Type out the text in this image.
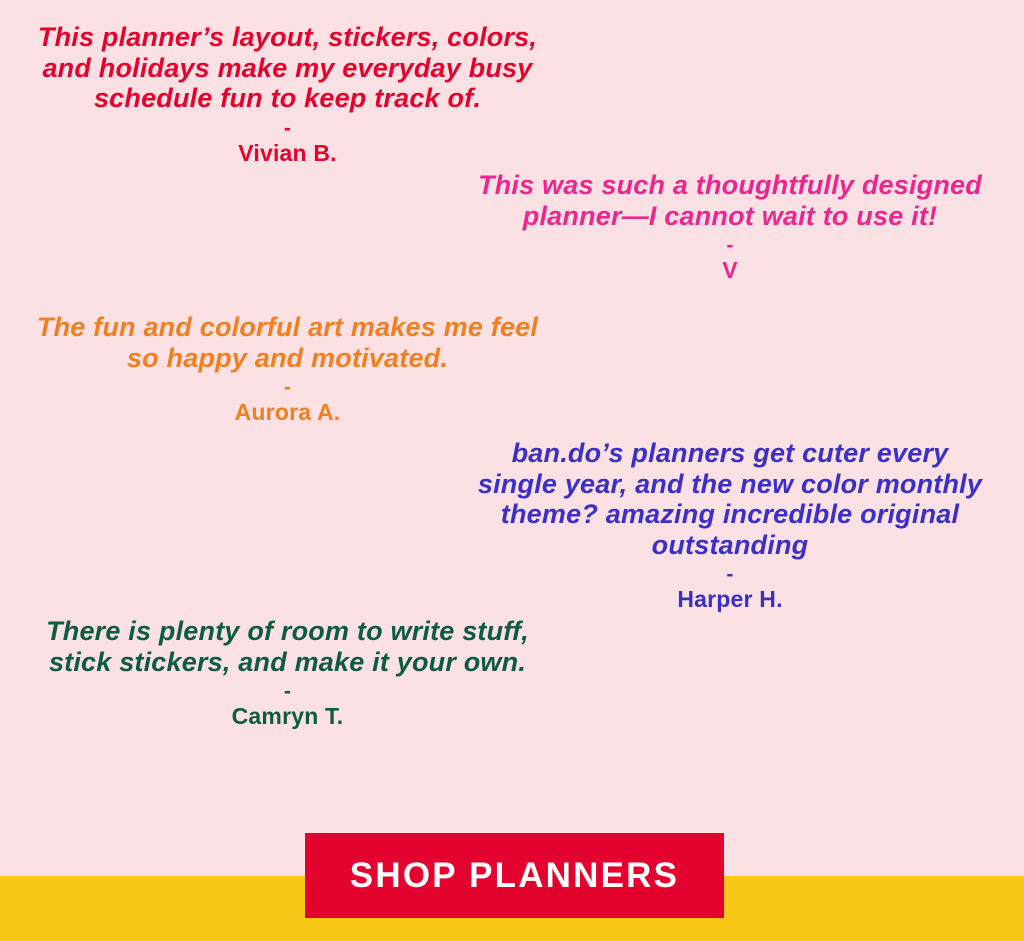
This planner’s layout, stickers, colors, and holidays make my everyday busy schedule fun to keep track of.
-
Vivian B.
This was such a thoughtfully designed planner—I cannot wait to use it!
-
V
The fun and colorful art makes me feel so happy and motivated.
-
Aurora A.
ban.do’s planners get cuter every single year, and the new color monthly theme? amazing incredible original outstanding
-
Harper H.
There is plenty of room to write stuff, stick stickers, and make it your own.
-
Camryn T.
SHOP PLANNERS
